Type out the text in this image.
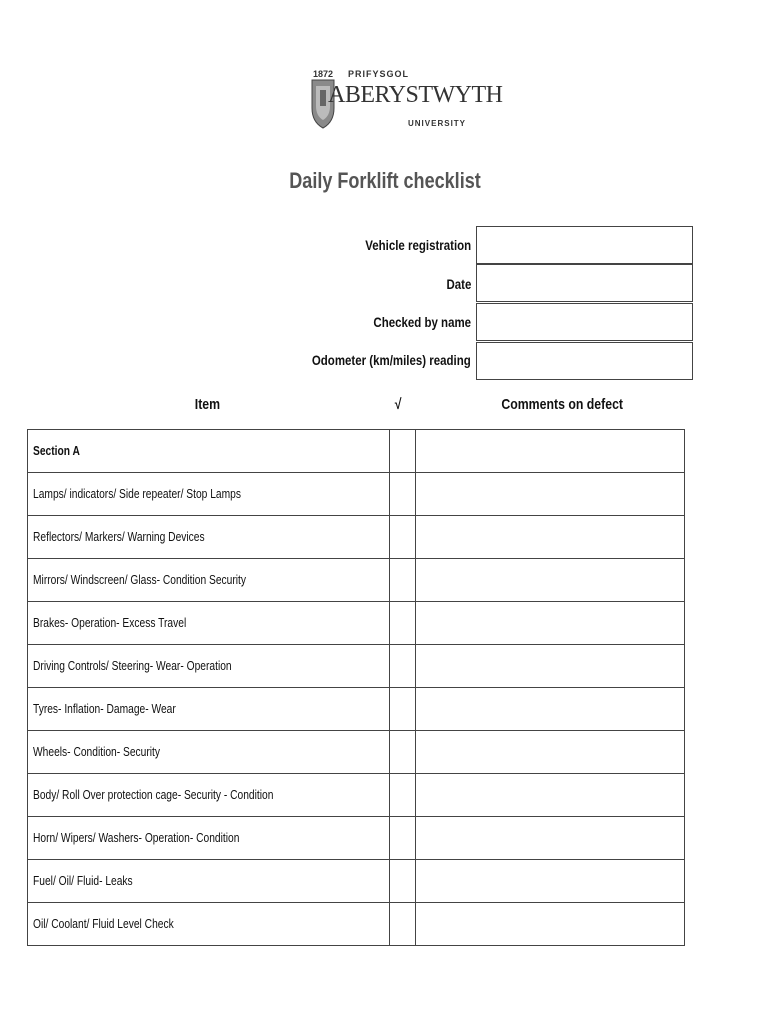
1872 PRIFYSGOL
ABERYSTWYTH
UNIVERSITY
Daily Forklift checklist
Vehicle registration
Date
Checked by name
Odometer (km/miles) reading
Item	√	Comments on defect
Section A		
Lamps/ indicators/ Side repeater/ Stop Lamps		
Reflectors/ Markers/ Warning Devices		
Mirrors/ Windscreen/ Glass- Condition Security		
Brakes- Operation- Excess Travel		
Driving Controls/ Steering- Wear- Operation		
Tyres- Inflation- Damage- Wear		
Wheels- Condition- Security		
Body/ Roll Over protection cage- Security - Condition		
Horn/ Wipers/ Washers- Operation- Condition		
Fuel/ Oil/ Fluid- Leaks		
Oil/ Coolant/ Fluid Level Check		
